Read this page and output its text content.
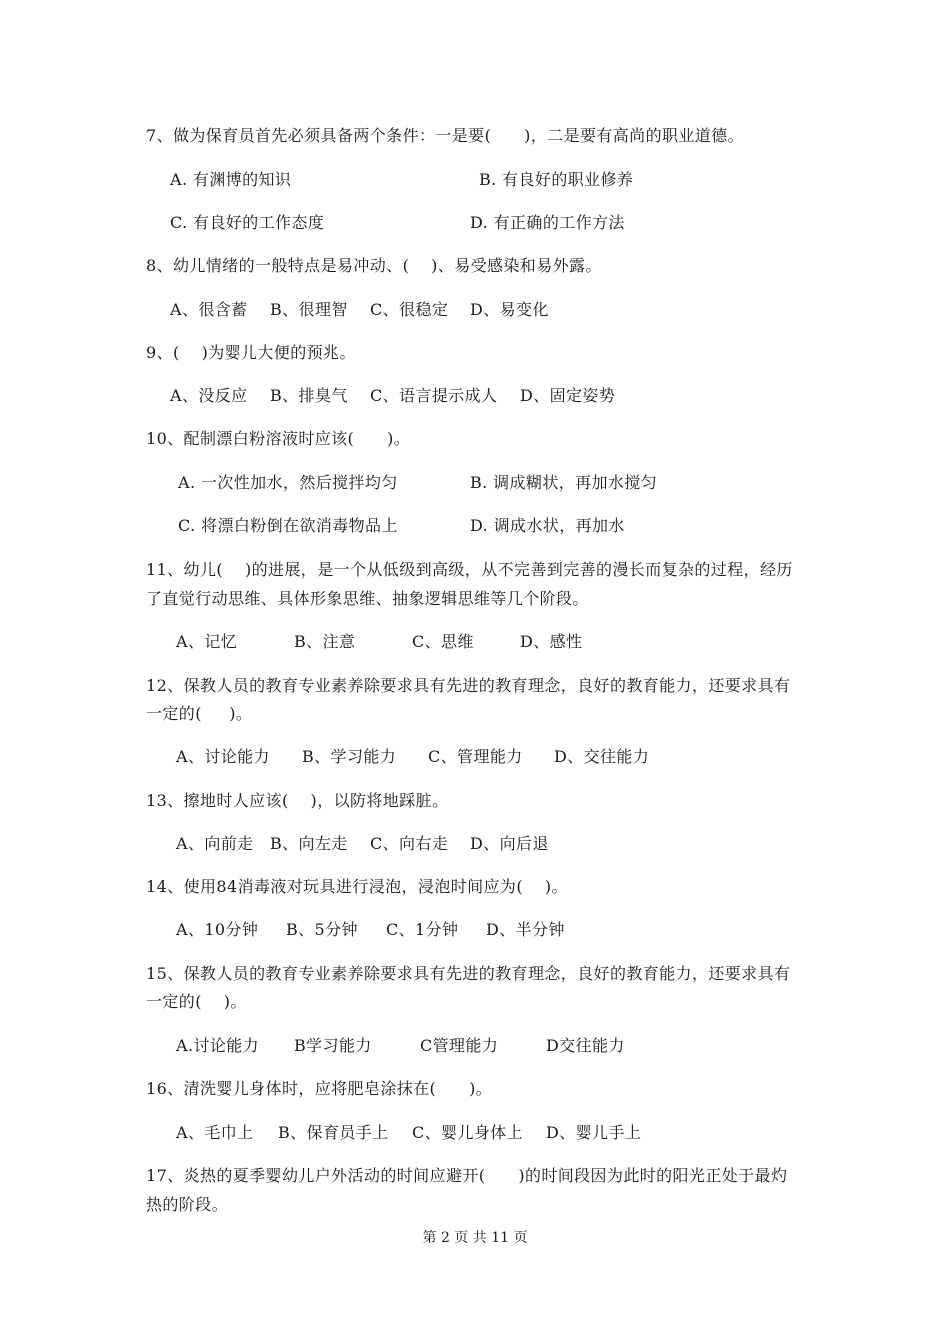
7、做为保育员首先必须具备两个条件：一是要(      )，二是要有高尚的职业道德。
A. 有渊博的知识	B. 有良好的职业修养
C. 有良好的工作态度	D. 有正确的工作方法
8、幼儿情绪的一般特点是易冲动、(    )、易受感染和易外露。
A、很含蓄 B、很理智 C、很稳定 D、易变化
9、(    )为婴儿大便的预兆。
A、没反应 B、排臭气 C、语言提示成人 D、固定姿势
10、配制漂白粉溶液时应该(      )。
A. 一次性加水，然后搅拌均匀	B. 调成糊状，再加水搅匀
C. 将漂白粉倒在欲消毒物品上	D. 调成水状，再加水
11、幼儿(    )的进展，是一个从低级到高级，从不完善到完善的漫长而复杂的过程，经历
了直觉行动思维、具体形象思维、抽象逻辑思维等几个阶段。
A、记忆	B、注意	C、思维	D、感性
12、保教人员的教育专业素养除要求具有先进的教育理念，良好的教育能力，还要求具有
一定的(     )。
A、讨论能力 B、学习能力 C、管理能力 D、交往能力
13、擦地时人应该(    )，以防将地踩脏。
A、向前走 B、向左走 C、向右走 D、向后退
14、使用84消毒液对玩具进行浸泡，浸泡时间应为(    )。
A、10分钟 B、5分钟 C、1分钟 D、半分钟
15、保教人员的教育专业素养除要求具有先进的教育理念，良好的教育能力，还要求具有
一定的(    )。
A.讨论能力 B学习能力	C管理能力	D交往能力
16、清洗婴儿身体时，应将肥皂涂抹在(      )。
A、毛巾上 B、保育员手上 C、婴儿身体上 D、婴儿手上
17、炎热的夏季婴幼儿户外活动的时间应避开(      )的时间段因为此时的阳光正处于最灼
热的阶段。
第 2 页 共 11 页
